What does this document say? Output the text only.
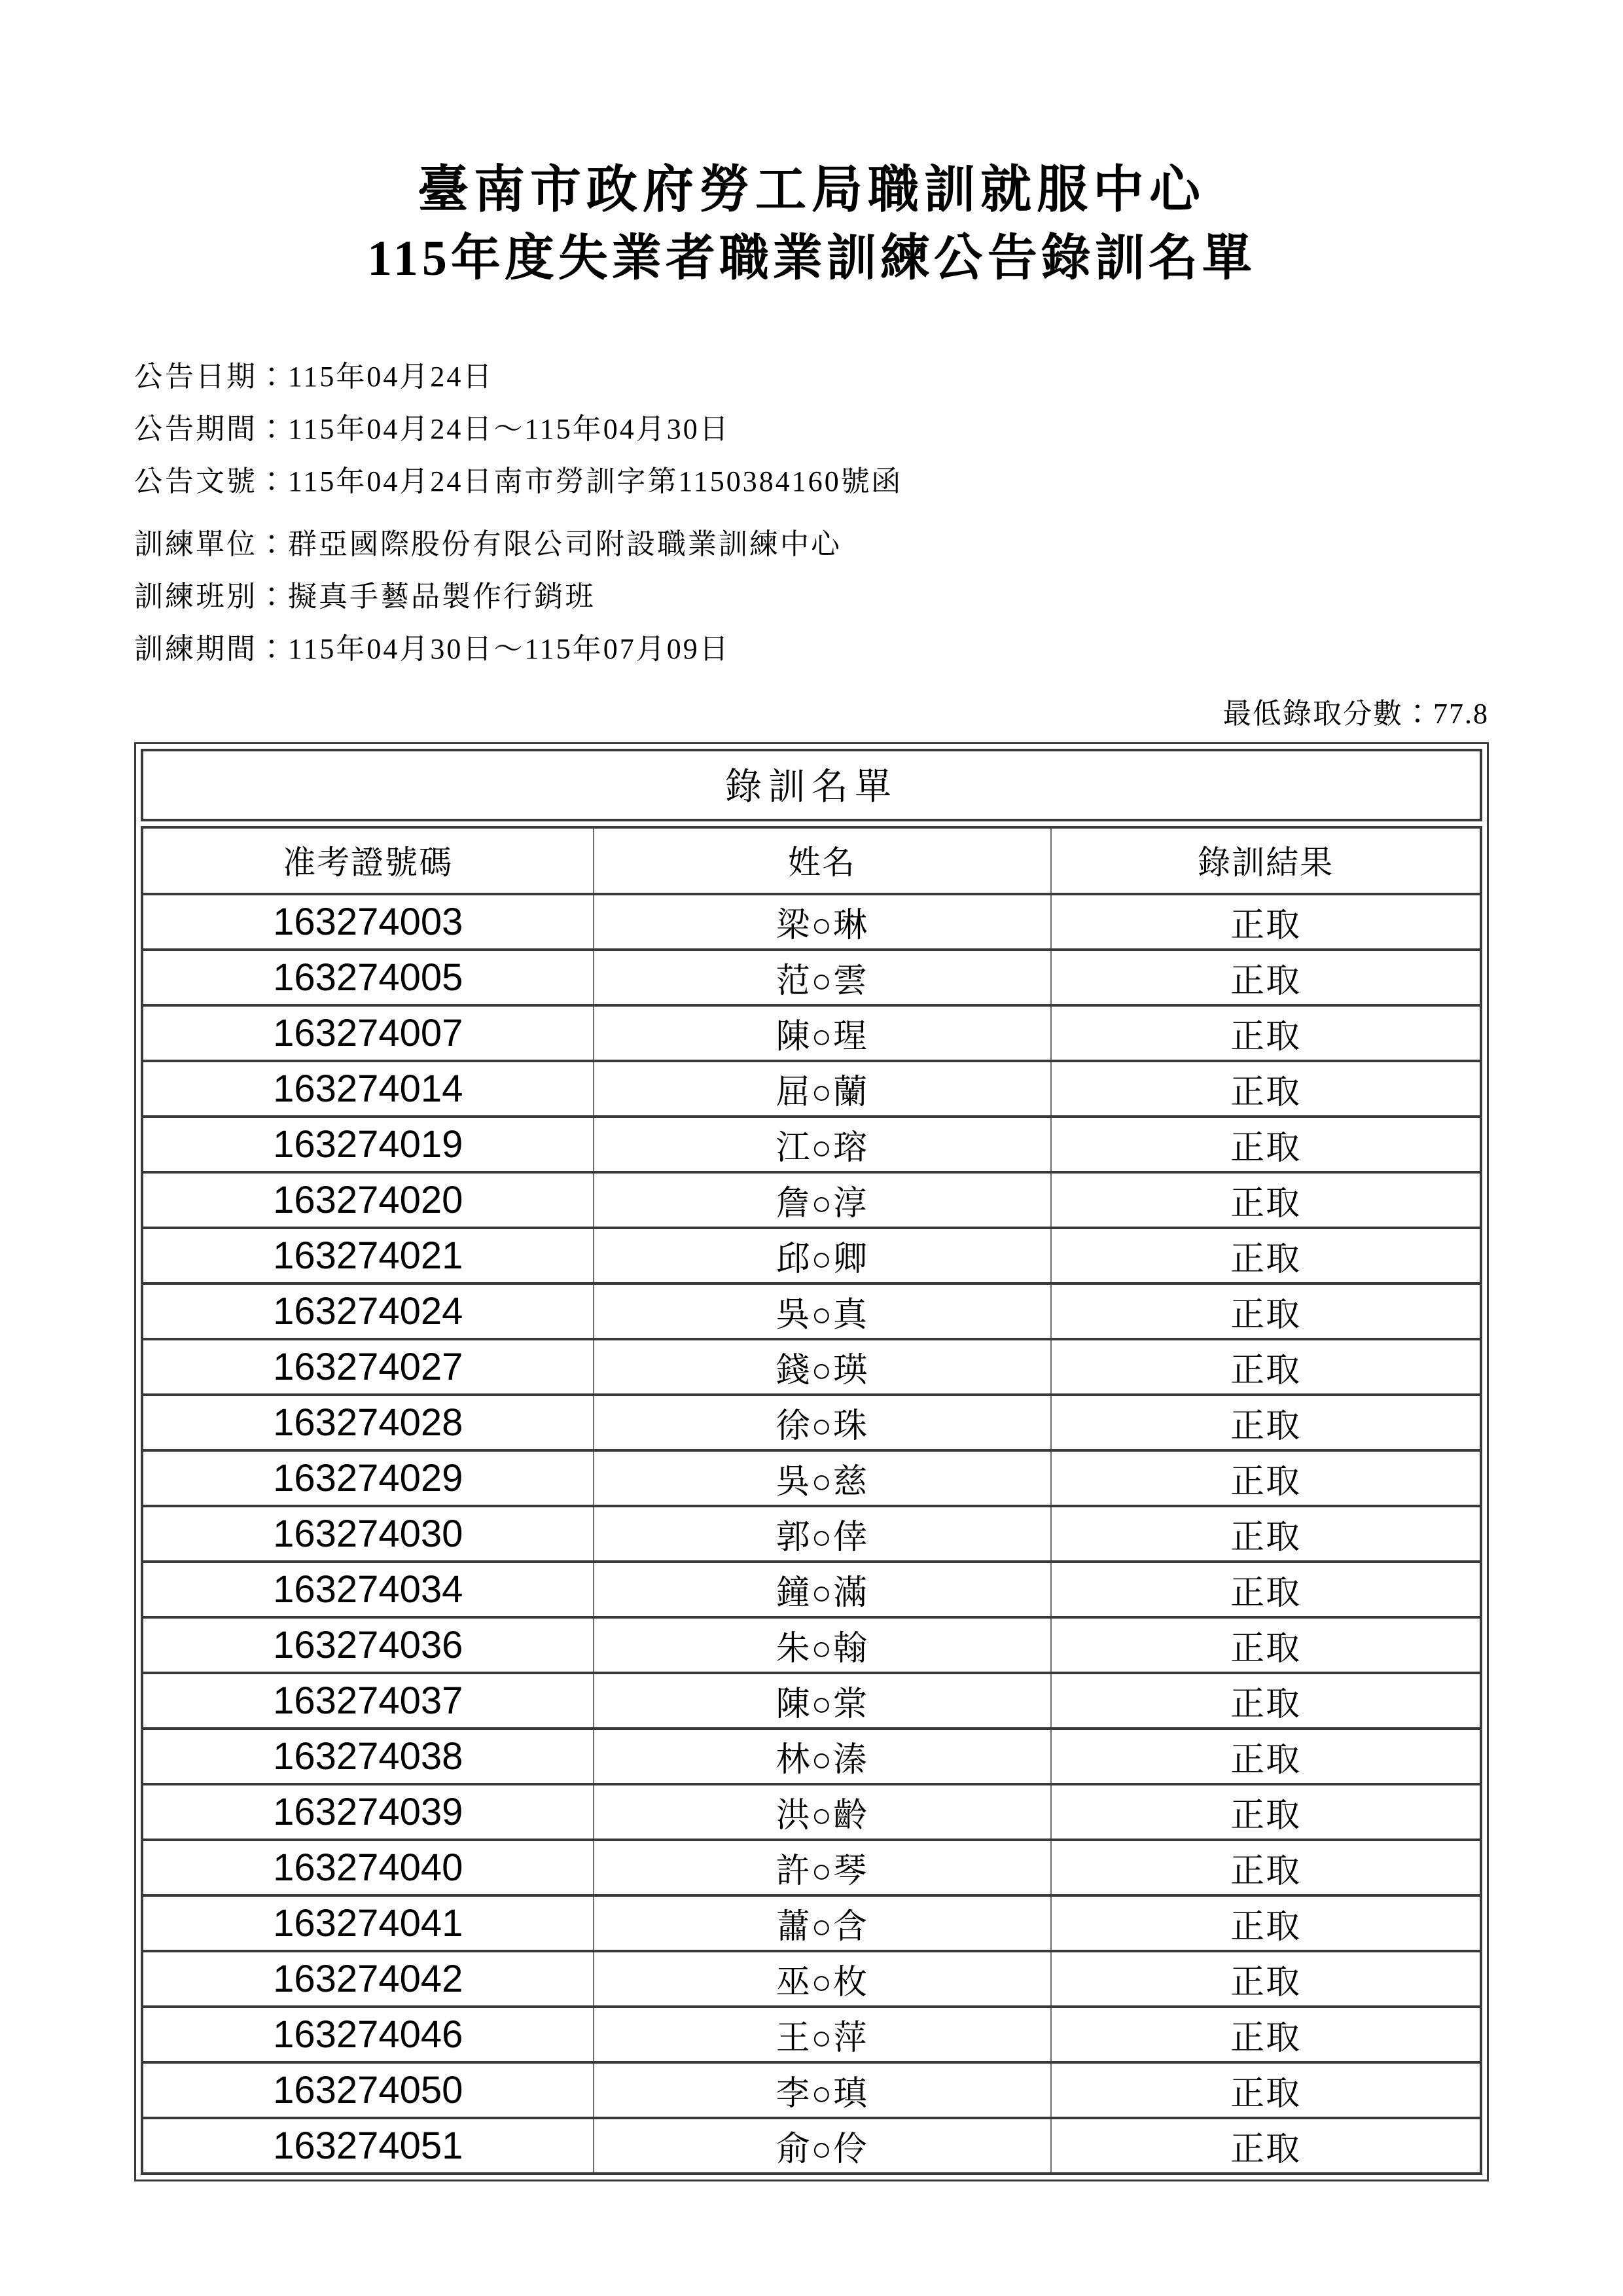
臺南市政府勞工局職訓就服中心
115年度失業者職業訓練公告錄訓名單

公告日期：115年04月24日

公告期間：115年04月24日～115年04月30日

公告文號：115年04月24日南市勞訓字第1150384160號函

訓練單位：群亞國際股份有限公司附設職業訓練中心

訓練班別：擬真手藝品製作行銷班

訓練期間：115年04月30日～115年07月09日

最低錄取分數：77.8

錄訓名單
准考證號碼	姓名	錄訓結果
163274003	梁○琳	正取
163274005	范○雲	正取
163274007	陳○瑆	正取
163274014	屈○蘭	正取
163274019	江○瑢	正取
163274020	詹○淳	正取
163274021	邱○卿	正取
163274024	吳○真	正取
163274027	錢○瑛	正取
163274028	徐○珠	正取
163274029	吳○慈	正取
163274030	郭○倖	正取
163274034	鐘○滿	正取
163274036	朱○翰	正取
163274037	陳○棠	正取
163274038	林○溱	正取
163274039	洪○齡	正取
163274040	許○琴	正取
163274041	蕭○含	正取
163274042	巫○枚	正取
163274046	王○萍	正取
163274050	李○瑱	正取
163274051	俞○伶	正取
